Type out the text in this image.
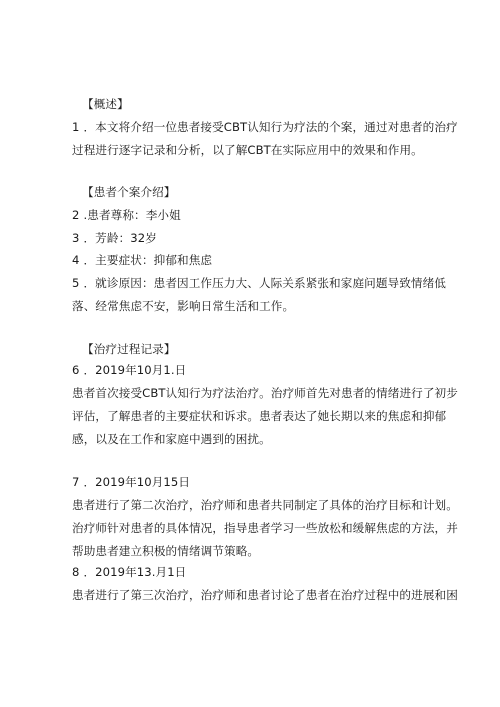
【概述】
1 ．本文将介绍一位患者接受CBT认知行为疗法的个案，通过对患者的治疗
过程进行逐字记录和分析，以了解CBT在实际应用中的效果和作用。
【患者个案介绍】
2 .患者尊称：李小姐
3 ．芳龄：32岁
4 ．主要症状：抑郁和焦虑
5 ．就诊原因：患者因工作压力大、人际关系紧张和家庭问题导致情绪低
落、经常焦虑不安，影响日常生活和工作。
【治疗过程记录】
6 ．2019年10月1.日
患者首次接受CBT认知行为疗法治疗。治疗师首先对患者的情绪进行了初步
评估，了解患者的主要症状和诉求。患者表达了她长期以来的焦虑和抑郁
感，以及在工作和家庭中遇到的困扰。
7 ．2019年10月15日
患者进行了第二次治疗，治疗师和患者共同制定了具体的治疗目标和计划。
治疗师针对患者的具体情况，指导患者学习一些放松和缓解焦虑的方法，并
帮助患者建立积极的情绪调节策略。
8 ．2019年13.月1日
患者进行了第三次治疗，治疗师和患者讨论了患者在治疗过程中的进展和困
